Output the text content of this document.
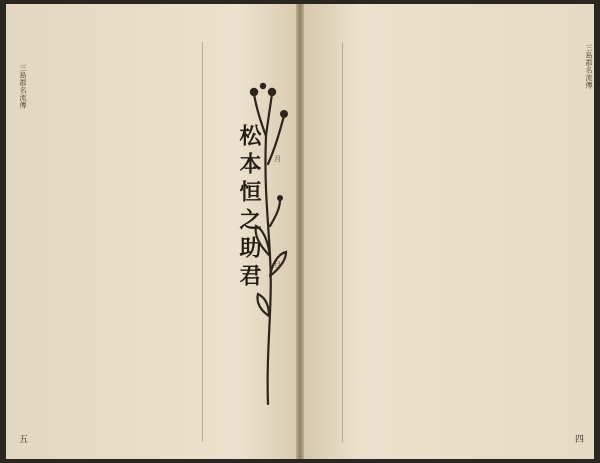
三島郡名流傳

五

松本恒之助君	月
旦

三島郡名流傳

四
